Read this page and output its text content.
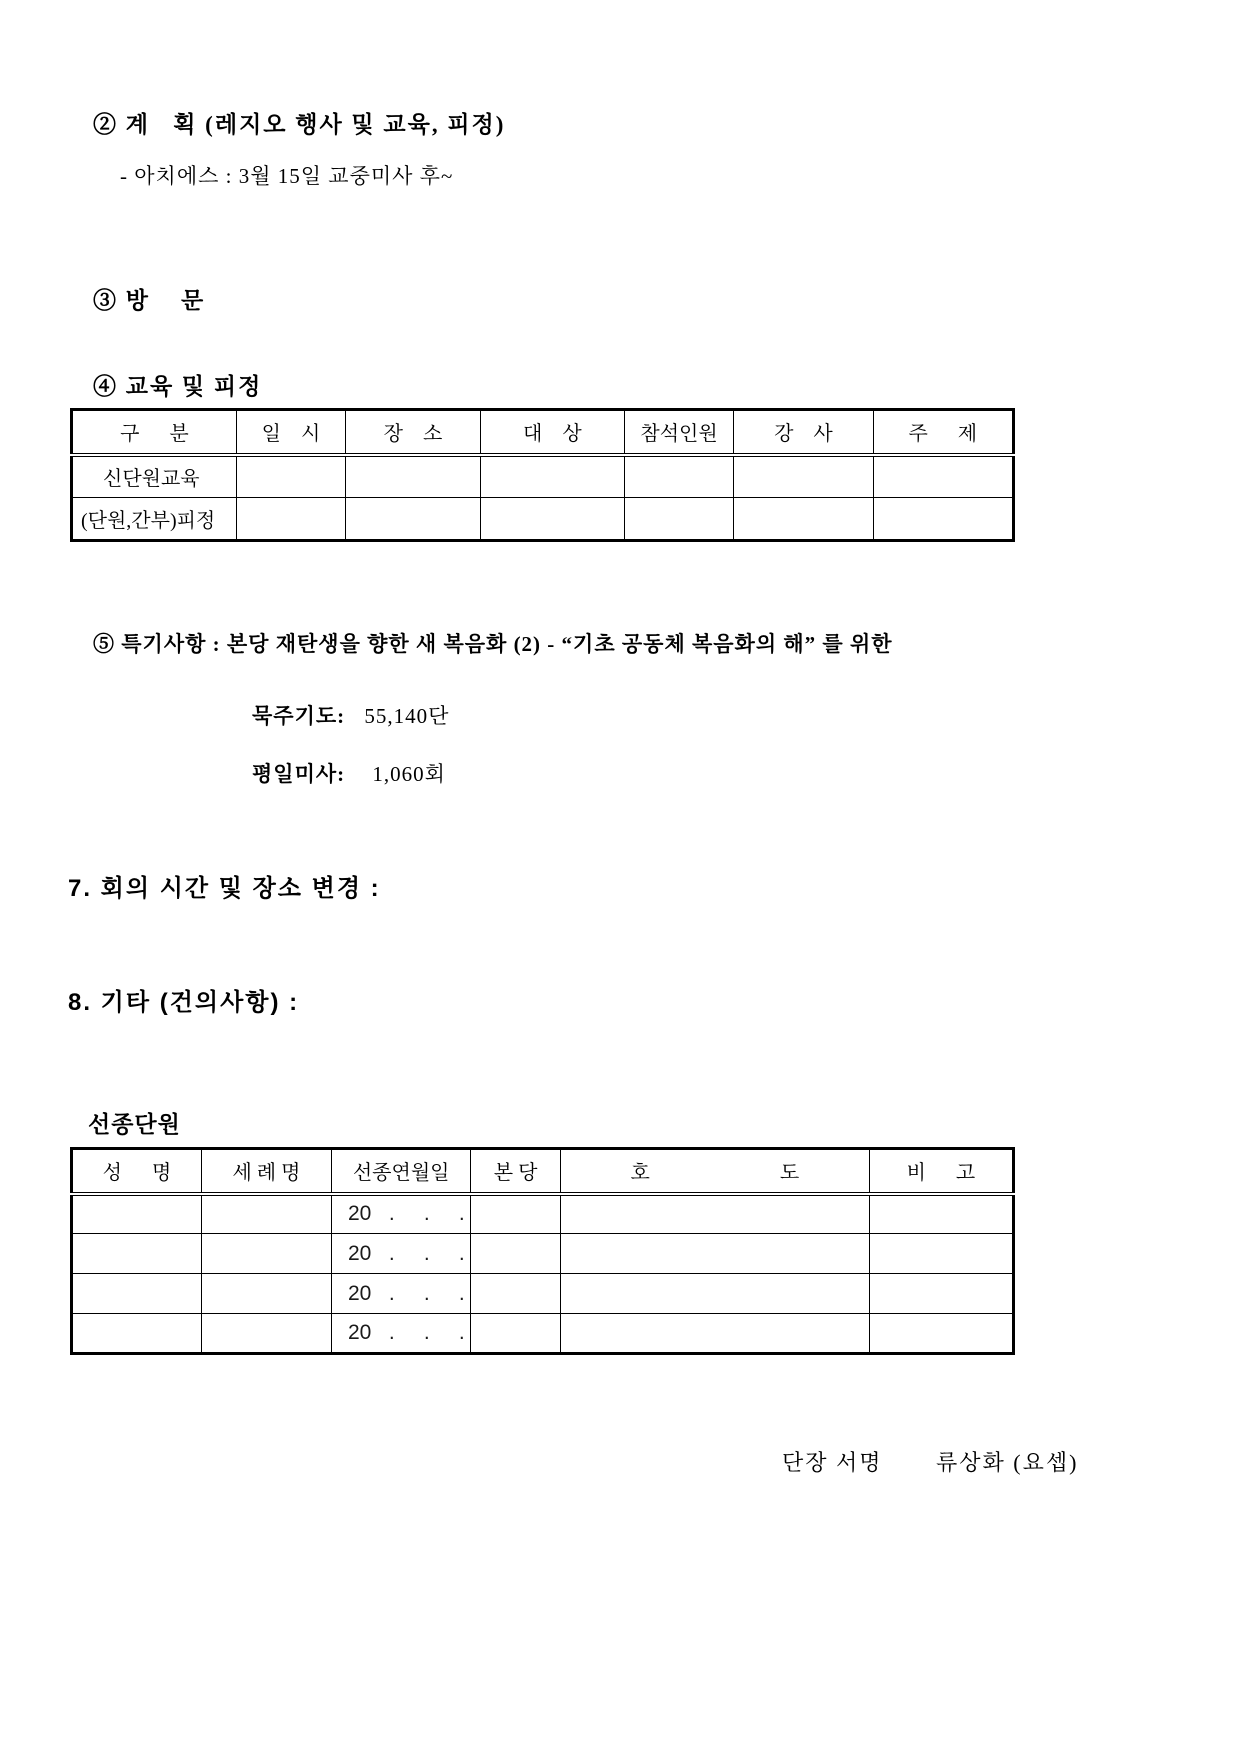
② 계   획 (레지오 행사 및 교육, 피정)
- 아치에스 : 3월 15일 교중미사 후~
③ 방    문
④ 교육 및 피정
구      분	일    시	장    소	대    상	참석인원	강    사	주      제
신단원교육						
(단원,간부)피정						
⑤ 특기사항 : 본당 재탄생을 향한 새 복음화 (2) - “기초 공동체 복음화의 해” 를 위한
묵주기도: 55,140단
평일미사: 1,060회
7. 회의 시간 및 장소 변경 :
8. 기타 (건의사항) :
선종단원
성      명	세 례 명	선종연월일	본 당	호                          도	비      고
		20   .     .     .			
		20   .     .     .			
		20   .     .     .			
		20   .     .     .			
단장 서명 류상화 (요셉)
